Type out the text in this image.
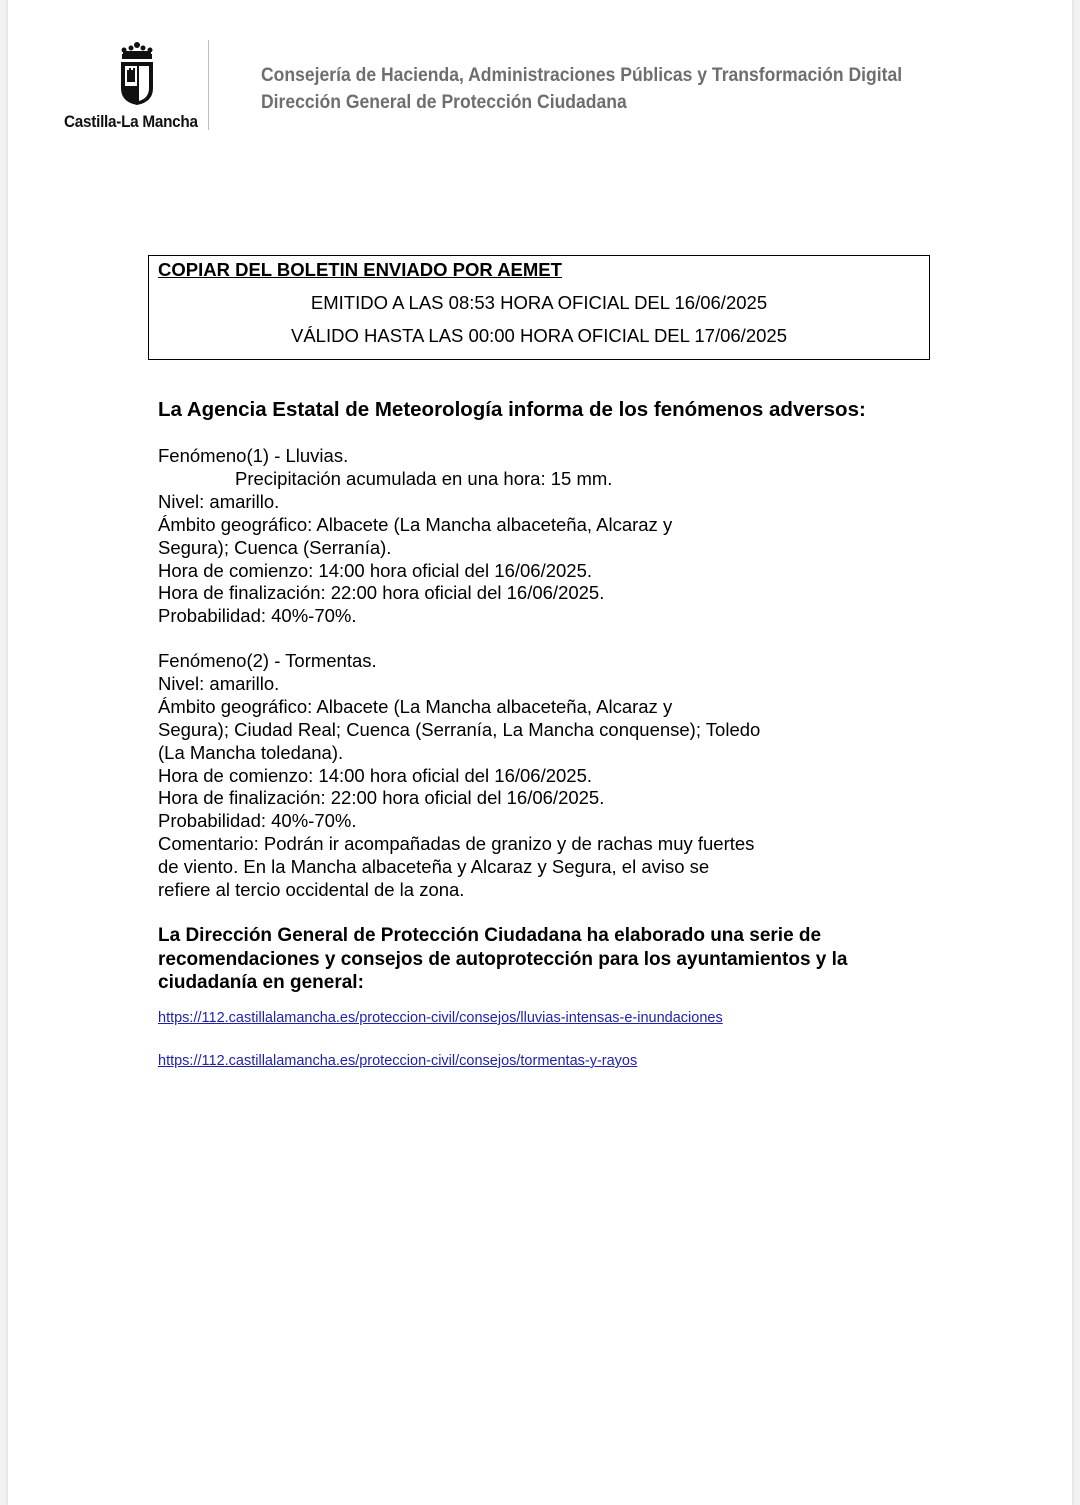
Castilla-La Mancha
Consejería de Hacienda, Administraciones Públicas y Transformación Digital
Dirección General de Protección Ciudadana
COPIAR DEL BOLETIN ENVIADO POR AEMET
EMITIDO A LAS 08:53 HORA OFICIAL DEL 16/06/2025
VÁLIDO HASTA LAS 00:00 HORA OFICIAL DEL 17/06/2025
La Agencia Estatal de Meteorología informa de los fenómenos adversos:
Fenómeno(1) - Lluvias.
Precipitación acumulada en una hora: 15 mm.
Nivel: amarillo.
Ámbito geográfico: Albacete (La Mancha albaceteña, Alcaraz y
Segura); Cuenca (Serranía).
Hora de comienzo: 14:00 hora oficial del 16/06/2025.
Hora de finalización: 22:00 hora oficial del 16/06/2025.
Probabilidad: 40%-70%.
Fenómeno(2) - Tormentas.
Nivel: amarillo.
Ámbito geográfico: Albacete (La Mancha albaceteña, Alcaraz y
Segura); Ciudad Real; Cuenca (Serranía, La Mancha conquense); Toledo
(La Mancha toledana).
Hora de comienzo: 14:00 hora oficial del 16/06/2025.
Hora de finalización: 22:00 hora oficial del 16/06/2025.
Probabilidad: 40%-70%.
Comentario: Podrán ir acompañadas de granizo y de rachas muy fuertes
de viento. En la Mancha albaceteña y Alcaraz y Segura, el aviso se
refiere al tercio occidental de la zona.
La Dirección General de Protección Ciudadana ha elaborado una serie de
recomendaciones y consejos de autoprotección para los ayuntamientos y la
ciudadanía en general:
https://112.castillalamancha.es/proteccion-civil/consejos/lluvias-intensas-e-inundaciones
https://112.castillalamancha.es/proteccion-civil/consejos/tormentas-y-rayos
